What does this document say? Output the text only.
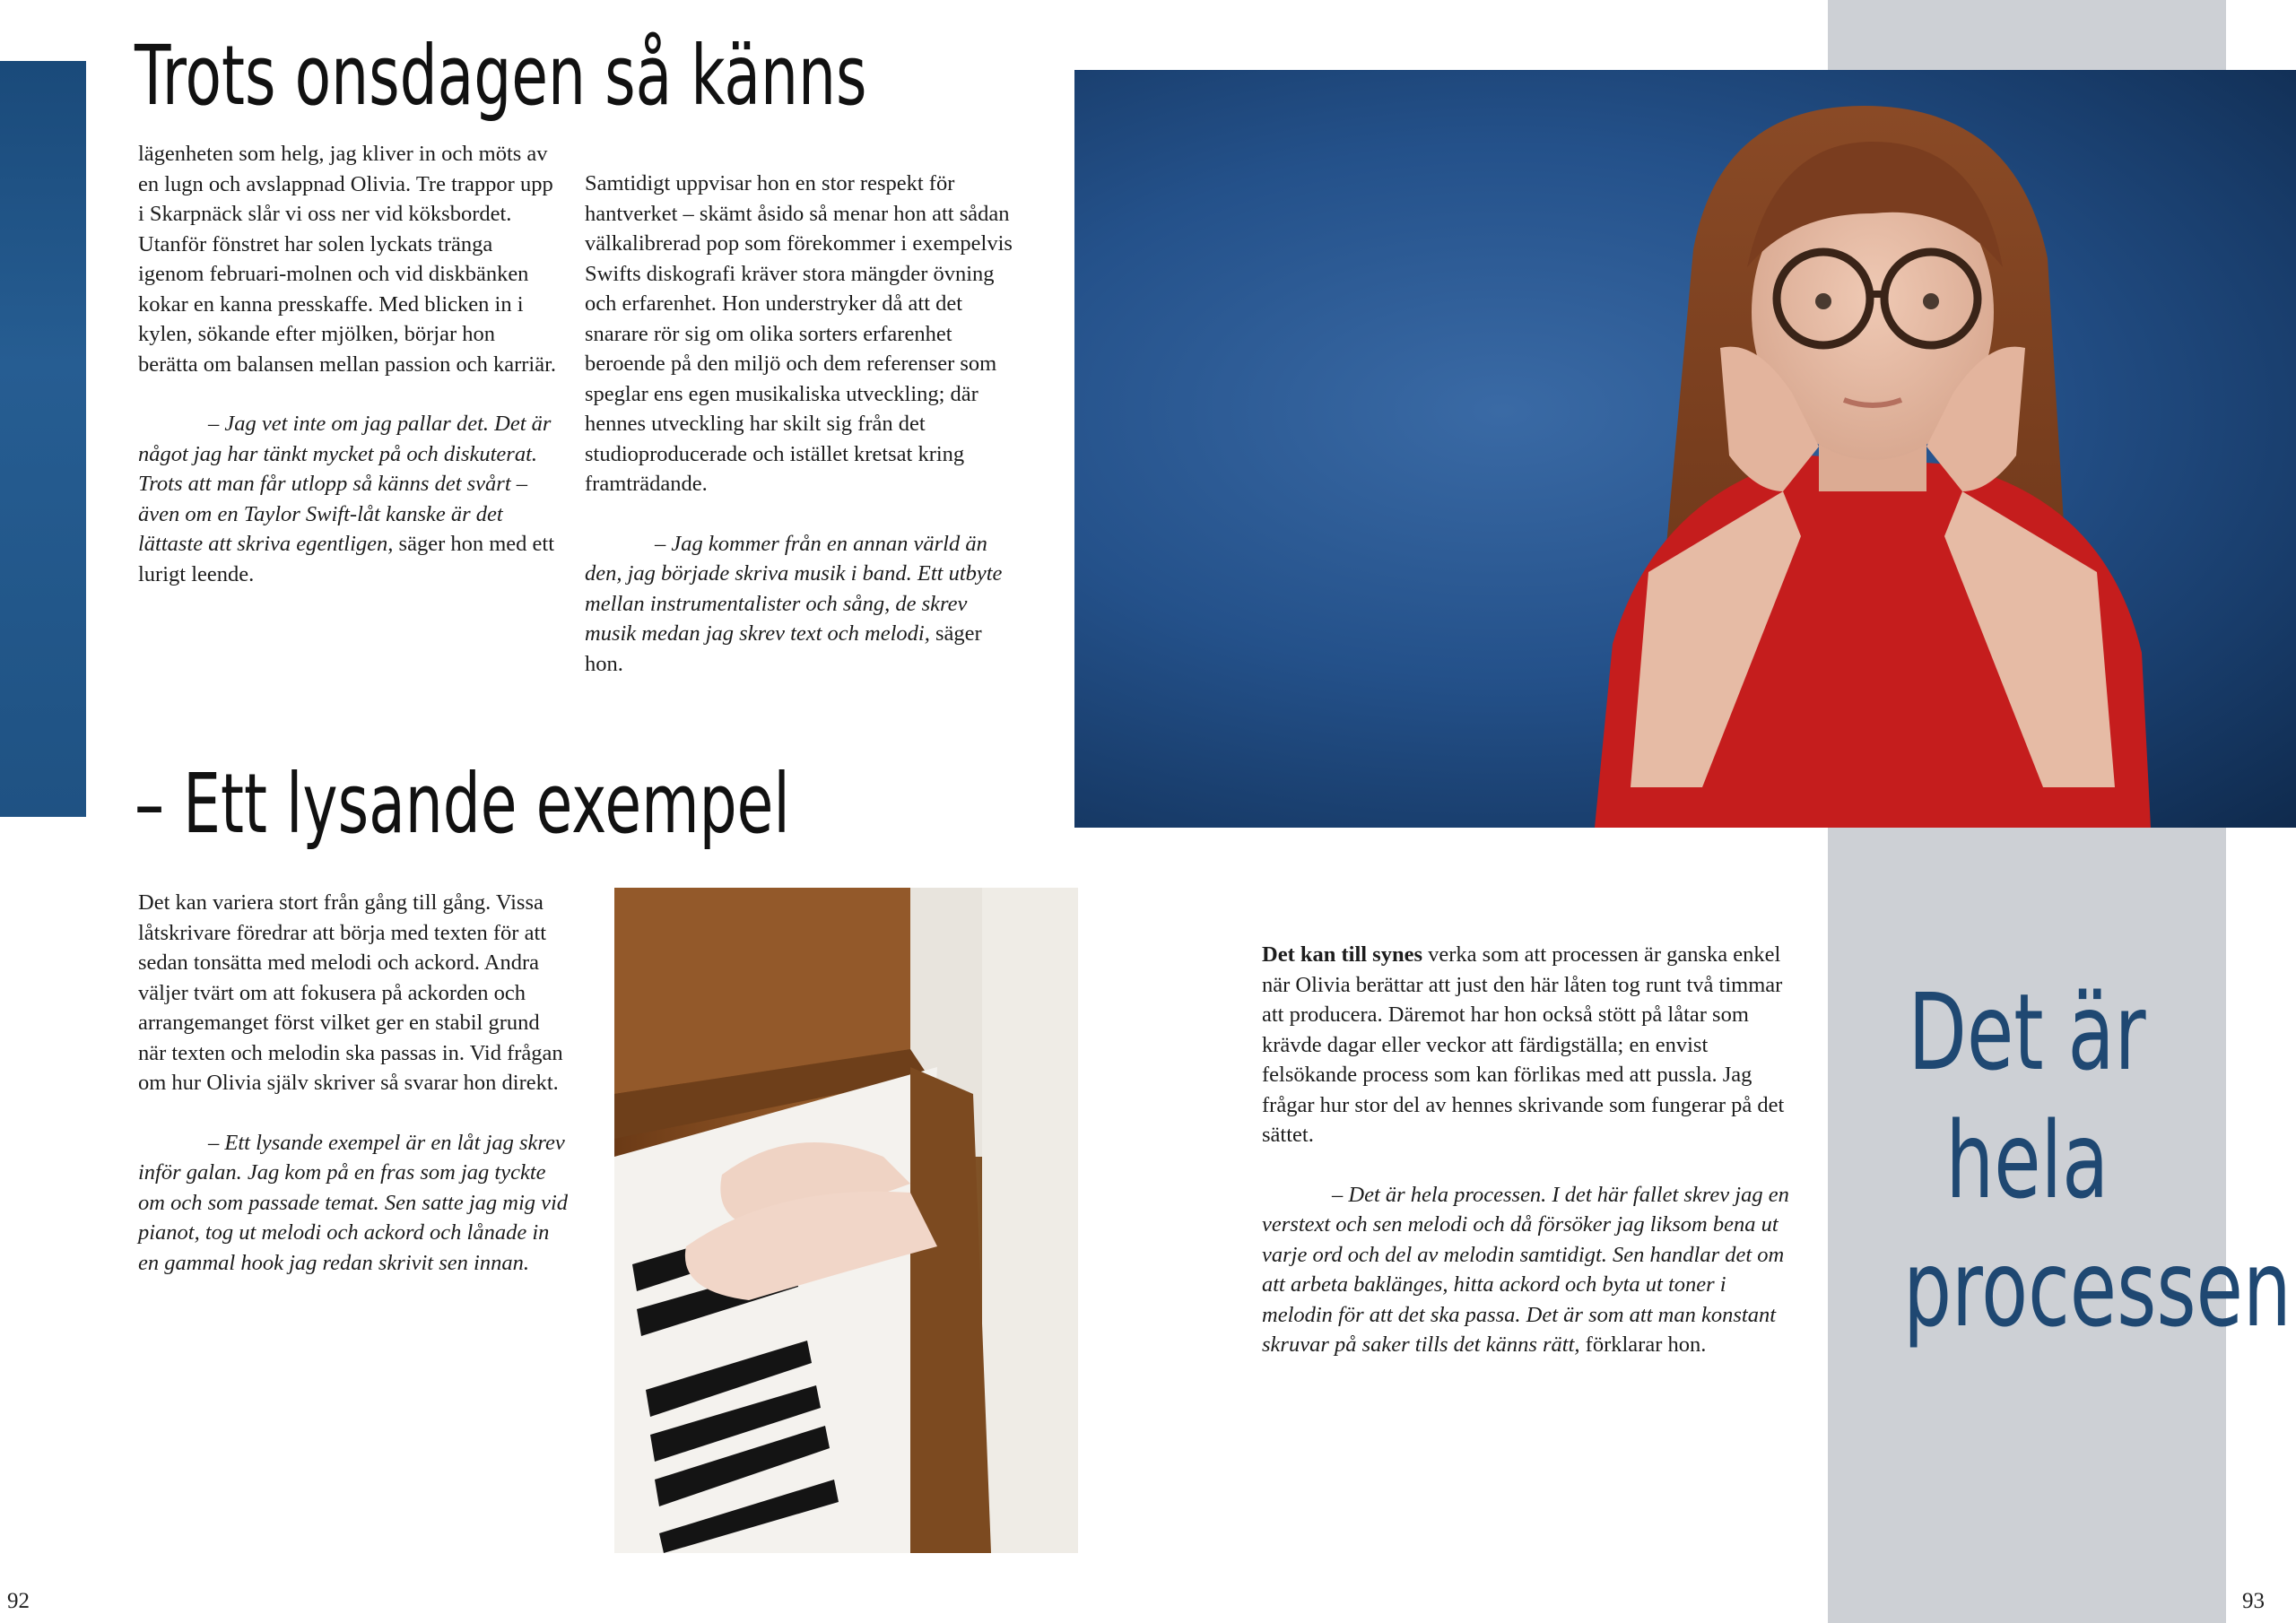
Trots onsdagen så känns

lägenheten som helg, jag kliver in och möts av en lugn och avslappnad Olivia. Tre trappor upp i Skarpnäck slår vi oss ner vid köksbordet. Utanför fönstret har solen lyckats tränga igenom februari-molnen och vid diskbänken kokar en kanna presskaffe. Med blicken in i kylen, sökande efter mjölken, börjar hon berätta om balansen mellan passion och karriär.

– Jag vet inte om jag pallar det. Det är något jag har tänkt mycket på och diskuterat. Trots att man får utlopp så känns det svårt – även om en Taylor Swift-låt kanske är det lättaste att skriva egentligen, säger hon med ett lurigt leende.

Samtidigt uppvisar hon en stor respekt för hantverket – skämt åsido så menar hon att sådan välkalibrerad pop som förekommer i exempelvis Swifts diskografi kräver stora mängder övning och erfarenhet. Hon understryker då att det snarare rör sig om olika sorters erfarenhet beroende på den miljö och dem referenser som speglar ens egen musikaliska utveckling; där hennes utveckling har skilt sig från det studioproducerade och istället kretsat kring framträdande.

– Jag kommer från en annan värld än den, jag började skriva musik i band. Ett utbyte mellan instrumentalister och sång, de skrev musik medan jag skrev text och melodi, säger hon.

– Ett lysande exempel

Det kan variera stort från gång till gång. Vissa låtskrivare föredrar att börja med texten för att sedan tonsätta med melodi och ackord. Andra väljer tvärt om att fokusera på ackorden och arrangemanget först vilket ger en stabil grund när texten och melodin ska passas in. Vid frågan om hur Olivia själv skriver så svarar hon direkt.

– Ett lysande exempel är en låt jag skrev inför galan. Jag kom på en fras som jag tyckte om och som passade temat. Sen satte jag mig vid pianot, tog ut melodi och ackord och lånade in en gammal hook jag redan skrivit sen innan.

Det kan till synes verka som att processen är ganska enkel när Olivia berättar att just den här låten tog runt två timmar att producera. Däremot har hon också stött på låtar som krävde dagar eller veckor att färdigställa; en envist felsökande process som kan förlikas med att pussla. Jag frågar hur stor del av hennes skrivande som fungerar på det sättet.

– Det är hela processen. I det här fallet skrev jag en verstext och sen melodi och då försöker jag liksom bena ut varje ord och del av melodin samtidigt. Sen handlar det om att arbeta baklänges, hitta ackord och byta ut toner i melodin för att det ska passa. Det är som att man konstant skruvar på saker tills det känns rätt, förklarar hon.

Det är
hela
processen
92	93
